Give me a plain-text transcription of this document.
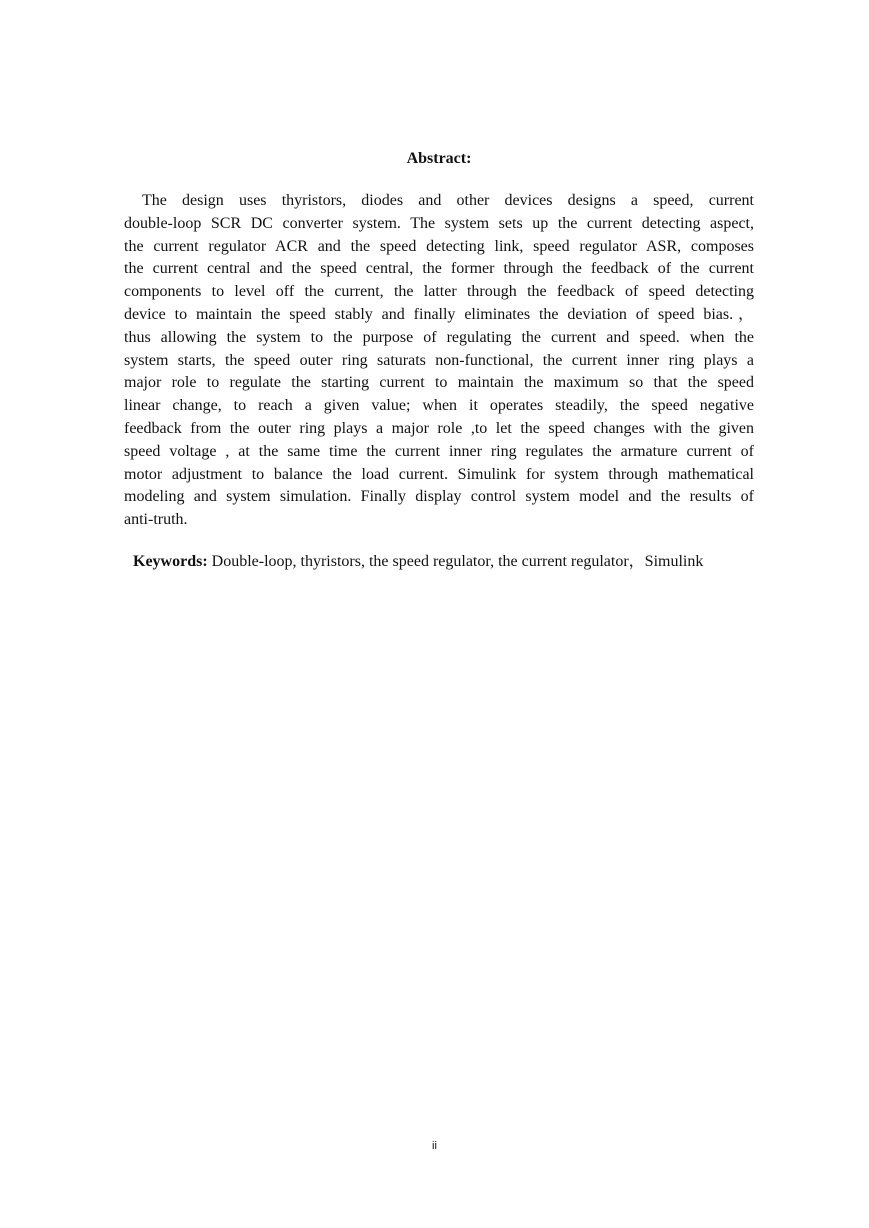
Abstract:
The design uses thyristors, diodes and other devices designs a speed, current
double-loop SCR DC converter system. The system sets up the current detecting aspect,
the current regulator ACR and the speed detecting link, speed regulator ASR, composes
the current central and the speed central, the former through the feedback of the current
components to level off the current, the latter through the feedback of speed detecting
device to maintain the speed stably and finally eliminates the deviation of speed bias.，
thus allowing the system to the purpose of regulating the current and speed. when the
system starts, the speed outer ring saturats non-functional, the current inner ring plays a
major role to regulate the starting current to maintain the maximum so that the speed
linear change, to reach a given value; when it operates steadily, the speed negative
feedback from the outer ring plays a major role ,to let the speed changes with the given
speed voltage , at the same time the current inner ring regulates the armature current of
motor adjustment to balance the load current. Simulink for system through mathematical
modeling and system simulation. Finally display control system model and the results of
anti-truth.

Keywords: Double-loop, thyristors, the speed regulator, the current regulator，Simulink

ii
